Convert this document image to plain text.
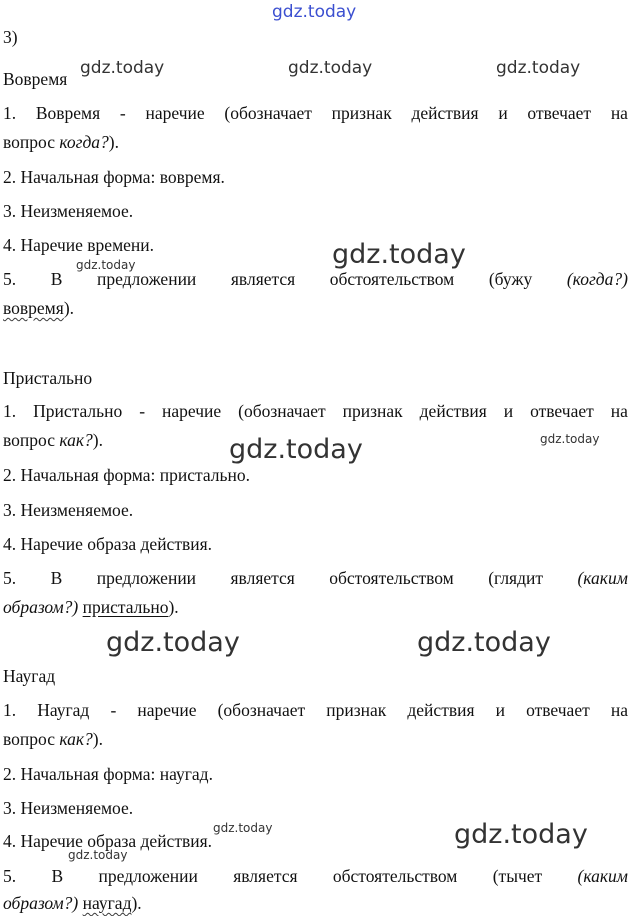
gdz.today
gdz.today	gdz.today	gdz.today
gdz.today
gdz.today
gdz.today
gdz.today
gdz.today	gdz.today
gdz.today
gdz.today
gdz.today
3)
Вовремя
1. Вовремя - наречие (обозначает признак действия и отвечает на
вопрос когда?).
2. Начальная форма: вовремя.
3. Неизменяемое.
4. Наречие времени.
5. В предложении является обстоятельством (бужу (когда?)
вовремя).
Пристально
1. Пристально - наречие (обозначает признак действия и отвечает на
вопрос как?).
2. Начальная форма: пристально.
3. Неизменяемое.
4. Наречие образа действия.
5. В предложении является обстоятельством (глядит (каким
образом?) пристально).
Наугад
1. Наугад - наречие (обозначает признак действия и отвечает на
вопрос как?).
2. Начальная форма: наугад.
3. Неизменяемое.
4. Наречие образа действия.
5. В предложении является обстоятельством (тычет (каким
образом?) наугад).
